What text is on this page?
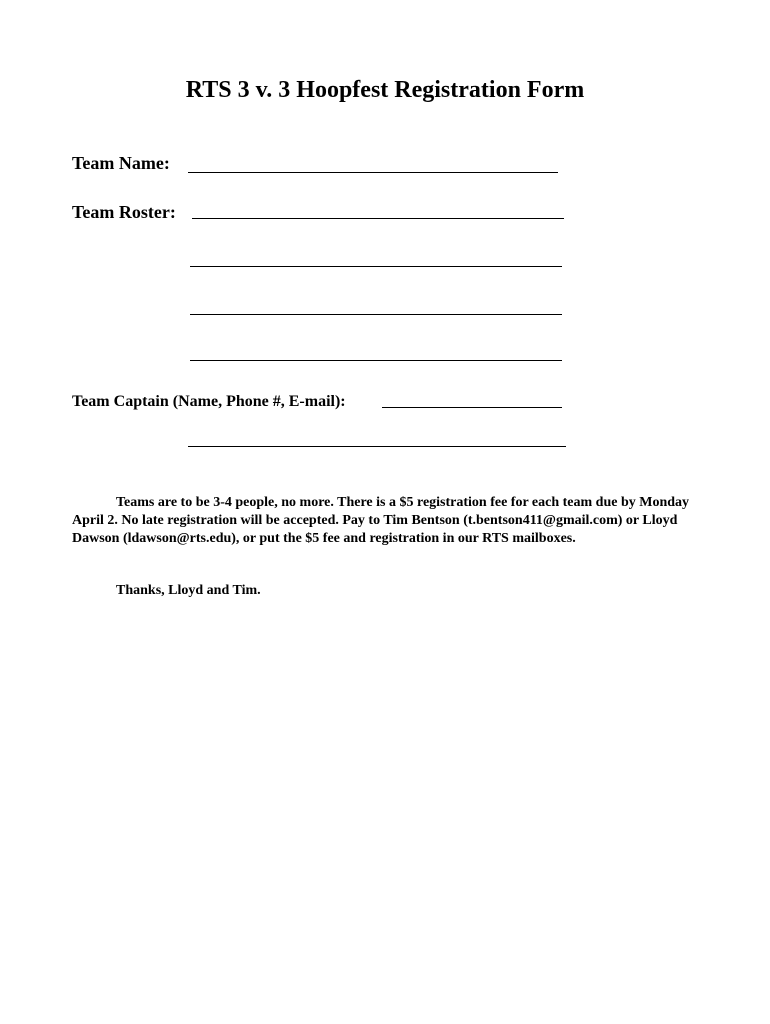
RTS 3 v. 3 Hoopfest Registration Form
Team Name:
Team Roster:
Team Captain (Name, Phone #, E-mail):

Teams are to be 3-4 people, no more. There is a $5 registration fee for each team due by Monday April 2. No late registration will be accepted. Pay to Tim Bentson (t.bentson411@gmail.com) or Lloyd Dawson (ldawson@rts.edu), or put the $5 fee and registration in our RTS mailboxes.

Thanks, Lloyd and Tim.
